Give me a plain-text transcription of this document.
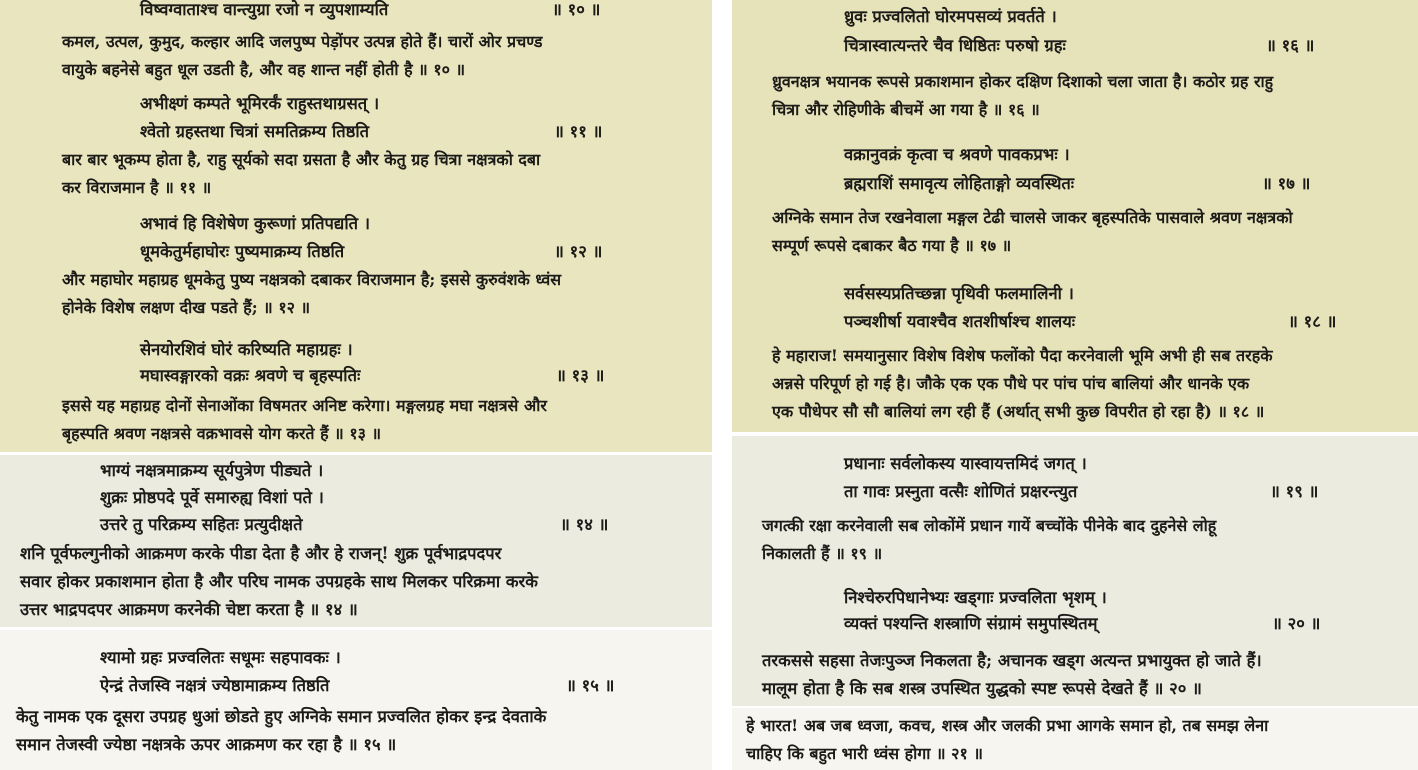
विष्वग्वाताश्च वान्त्युग्रा रजो न व्युपशाम्यति	॥ १० ॥
कमल, उत्पल, कुमुद, कल्हार आदि जलपुष्प पेड़ोंपर उत्पन्न होते हैं। चारों ओर प्रचण्ड
वायुके बहनेसे बहुत धूल उडती है, और वह शान्त नहीं होती है ॥ १० ॥
अभीक्ष्णं कम्पते भूमिरर्कं राहुस्तथाग्रसत् ।
श्वेतो ग्रहस्तथा चित्रां समतिक्रम्य तिष्ठति	॥ ११ ॥
बार बार भूकम्प होता है, राहु सूर्यको सदा ग्रसता है और केतु ग्रह चित्रा नक्षत्रको दबा
कर विराजमान है ॥ ११ ॥
अभावं हि विशेषेण कुरूणां प्रतिपद्यति ।
धूमकेतुर्महाघोरः पुष्यमाक्रम्य तिष्ठति	॥ १२ ॥
और महाघोर महाग्रह धूमकेतु पुष्य नक्षत्रको दबाकर विराजमान है; इससे कुरुवंशके ध्वंस
होनेके विशेष लक्षण दीख पडते हैं; ॥ १२ ॥
सेनयोरशिवं घोरं करिष्यति महाग्रहः ।
मघास्वङ्गारको वक्रः श्रवणे च बृहस्पतिः	॥ १३ ॥
इससे यह महाग्रह दोनों सेनाओंका विषमतर अनिष्ट करेगा। मङ्गलग्रह मघा नक्षत्रसे और
बृहस्पति श्रवण नक्षत्रसे वक्रभावसे योग करते हैं ॥ १३ ॥
भाग्यं नक्षत्रमाक्रम्य सूर्यपुत्रेण पीड्यते ।
शुक्रः प्रोष्ठपदे पूर्वे समारुह्य विशां पते ।
उत्तरे तु परिक्रम्य सहितः प्रत्युदीक्षते	॥ १४ ॥
शनि पूर्वफल्गुनीको आक्रमण करके पीडा देता है और हे राजन्! शुक्र पूर्वभाद्रपदपर
सवार होकर प्रकाशमान होता है और परिघ नामक उपग्रहके साथ मिलकर परिक्रमा करके
उत्तर भाद्रपदपर आक्रमण करनेकी चेष्टा करता है ॥ १४ ॥
श्यामो ग्रहः प्रज्वलितः सधूमः सहपावकः ।
ऐन्द्रं तेजस्वि नक्षत्रं ज्येष्ठामाक्रम्य तिष्ठति	॥ १५ ॥
केतु नामक एक दूसरा उपग्रह धुआं छोडते हुए अग्निके समान प्रज्वलित होकर इन्द्र देवताके
समान तेजस्वी ज्येष्ठा नक्षत्रके ऊपर आक्रमण कर रहा है ॥ १५ ॥
ध्रुवः प्रज्वलितो घोरमपसव्यं प्रवर्तते ।
चित्रास्वात्यन्तरे चैव धिष्ठितः परुषो ग्रहः	॥ १६ ॥
ध्रुवनक्षत्र भयानक रूपसे प्रकाशमान होकर दक्षिण दिशाको चला जाता है। कठोर ग्रह राहु
चित्रा और रोहिणीके बीचमें आ गया है ॥ १६ ॥
वक्रानुवक्रं कृत्वा च श्रवणे पावकप्रभः ।
ब्रह्मराशिं समावृत्य लोहिताङ्गो व्यवस्थितः	॥ १७ ॥
अग्निके समान तेज रखनेवाला मङ्गल टेढी चालसे जाकर बृहस्पतिके पासवाले श्रवण नक्षत्रको
सम्पूर्ण रूपसे दबाकर बैठ गया है ॥ १७ ॥
सर्वसस्यप्रतिच्छन्ना पृथिवी फलमालिनी ।
पञ्चशीर्षा यवाश्चैव शतशीर्षाश्च शालयः	॥ १८ ॥
हे महाराज! समयानुसार विशेष विशेष फलोंको पैदा करनेवाली भूमि अभी ही सब तरहके
अन्नसे परिपूर्ण हो गई है। जौके एक एक पौधे पर पांच पांच बालियां और धानके एक
एक पौधेपर सौ सौ बालियां लग रही हैं (अर्थात् सभी कुछ विपरीत हो रहा है) ॥ १८ ॥
प्रधानाः सर्वलोकस्य यास्वायत्तमिदं जगत् ।
ता गावः प्रस्नुता वत्सैः शोणितं प्रक्षरन्त्युत	॥ १९ ॥
जगत्की रक्षा करनेवाली सब लोकोंमें प्रधान गायें बच्चोंके पीनेके बाद दुहनेसे लोहू
निकालती हैं ॥ १९ ॥
निश्चेरुरपिधानेभ्यः खड्गाः प्रज्वलिता भृशम् ।
व्यक्तं पश्यन्ति शस्त्राणि संग्रामं समुपस्थितम्	॥ २० ॥
तरकससे सहसा तेजःपुञ्ज निकलता है; अचानक खड्ग अत्यन्त प्रभायुक्त हो जाते हैं।
मालूम होता है कि सब शस्त्र उपस्थित युद्धको स्पष्ट रूपसे देखते हैं ॥ २० ॥
हे भारत! अब जब ध्वजा, कवच, शस्त्र और जलकी प्रभा आगके समान हो, तब समझ लेना
चाहिए कि बहुत भारी ध्वंस होगा ॥ २१ ॥
